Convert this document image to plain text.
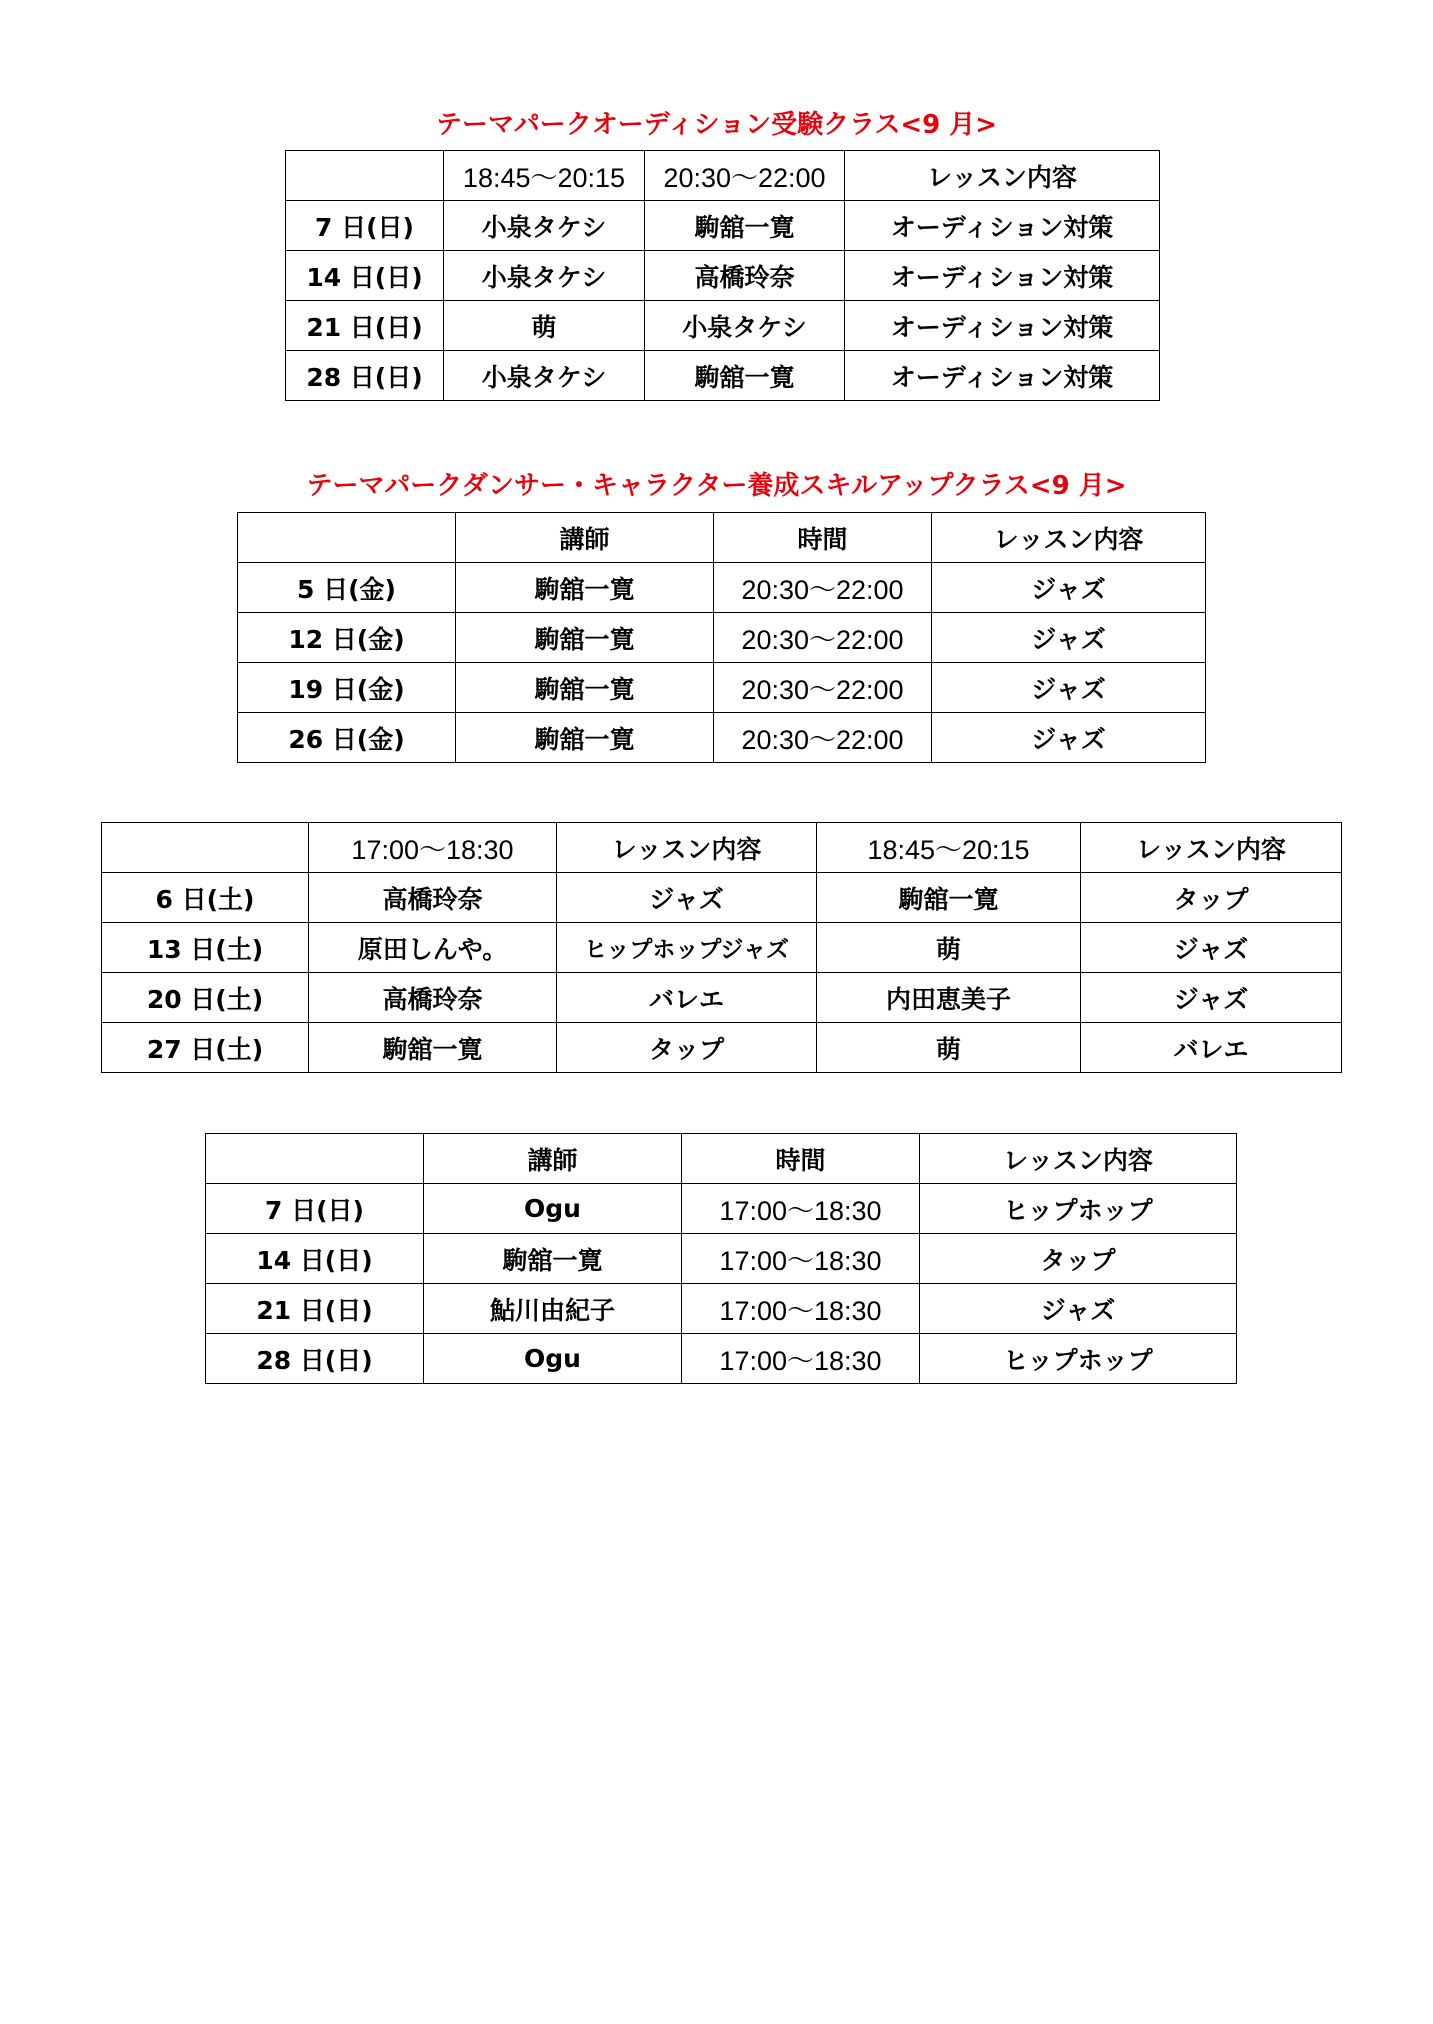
テーマパークオーディション受験クラス<9 月>
	18:45～20:15	20:30～22:00	レッスン内容
7 日(日)	小泉タケシ	駒舘一寛	オーディション対策
14 日(日)	小泉タケシ	高橋玲奈	オーディション対策
21 日(日)	萌	小泉タケシ	オーディション対策
28 日(日)	小泉タケシ	駒舘一寛	オーディション対策
テーマパークダンサー・キャラクター養成スキルアップクラス<9 月>
	講師	時間	レッスン内容
5 日(金)	駒舘一寛	20:30～22:00	ジャズ
12 日(金)	駒舘一寛	20:30～22:00	ジャズ
19 日(金)	駒舘一寛	20:30～22:00	ジャズ
26 日(金)	駒舘一寛	20:30～22:00	ジャズ
	17:00～18:30	レッスン内容	18:45～20:15	レッスン内容
6 日(土)	高橋玲奈	ジャズ	駒舘一寛	タップ
13 日(土)	原田しんや。	ヒップホップジャズ	萌	ジャズ
20 日(土)	高橋玲奈	バレエ	内田恵美子	ジャズ
27 日(土)	駒舘一寛	タップ	萌	バレエ
	講師	時間	レッスン内容
7 日(日)	Ogu	17:00～18:30	ヒップホップ
14 日(日)	駒舘一寛	17:00～18:30	タップ
21 日(日)	鮎川由紀子	17:00～18:30	ジャズ
28 日(日)	Ogu	17:00～18:30	ヒップホップ
